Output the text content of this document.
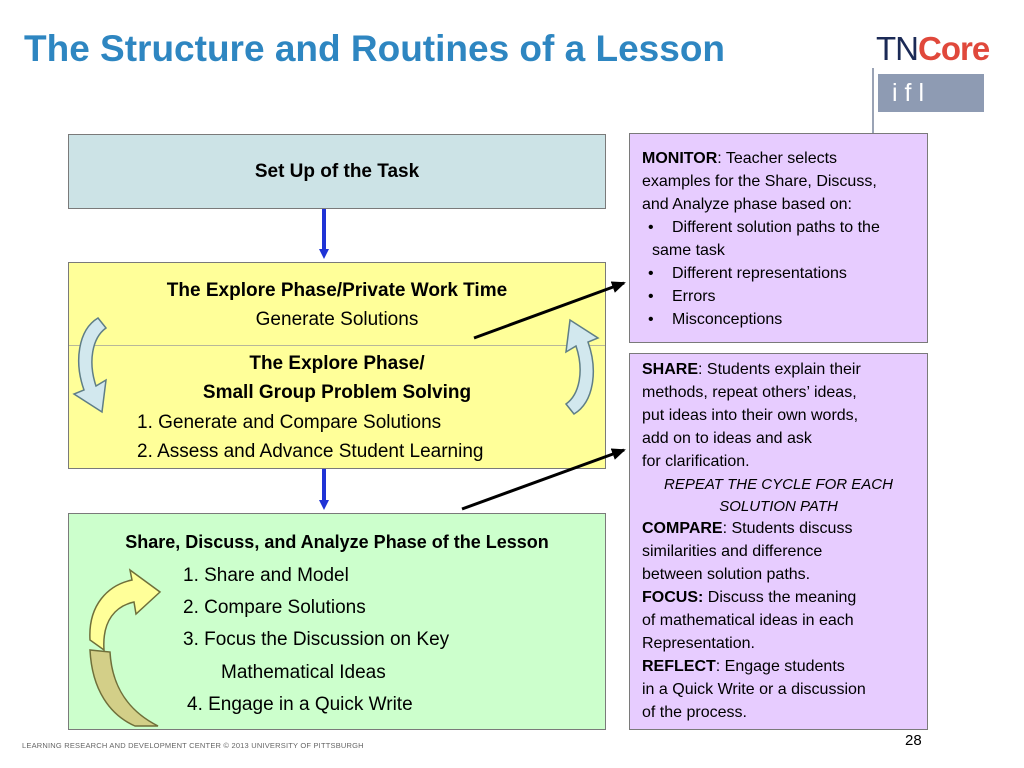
The Structure and Routines of a Lesson	TNCore
ifl
Set Up of the Task
The Explore Phase/Private Work Time
Generate Solutions
The Explore Phase/
Small Group Problem Solving
1. Generate and Compare Solutions
2. Assess and Advance Student Learning
Share, Discuss, and Analyze Phase of the Lesson
1. Share and Model
2. Compare Solutions
3. Focus the Discussion on Key
Mathematical Ideas
4. Engage in a Quick Write
MONITOR: Teacher selects
examples for the Share, Discuss,
and Analyze phase based on:
• Different solution paths to the
same task
• Different representations
• Errors
• Misconceptions
SHARE: Students explain their
methods, repeat others’ ideas,
put ideas into their own words,
add on to ideas and ask
for clarification.
REPEAT THE CYCLE FOR EACH
SOLUTION PATH
COMPARE: Students discuss
similarities and difference
between solution paths.
FOCUS: Discuss the meaning
of mathematical ideas in each
Representation.
REFLECT: Engage students
in a Quick Write or a discussion
of the process.
LEARNING RESEARCH AND DEVELOPMENT CENTER © 2013 UNIVERSITY OF PITTSBURGH	28
